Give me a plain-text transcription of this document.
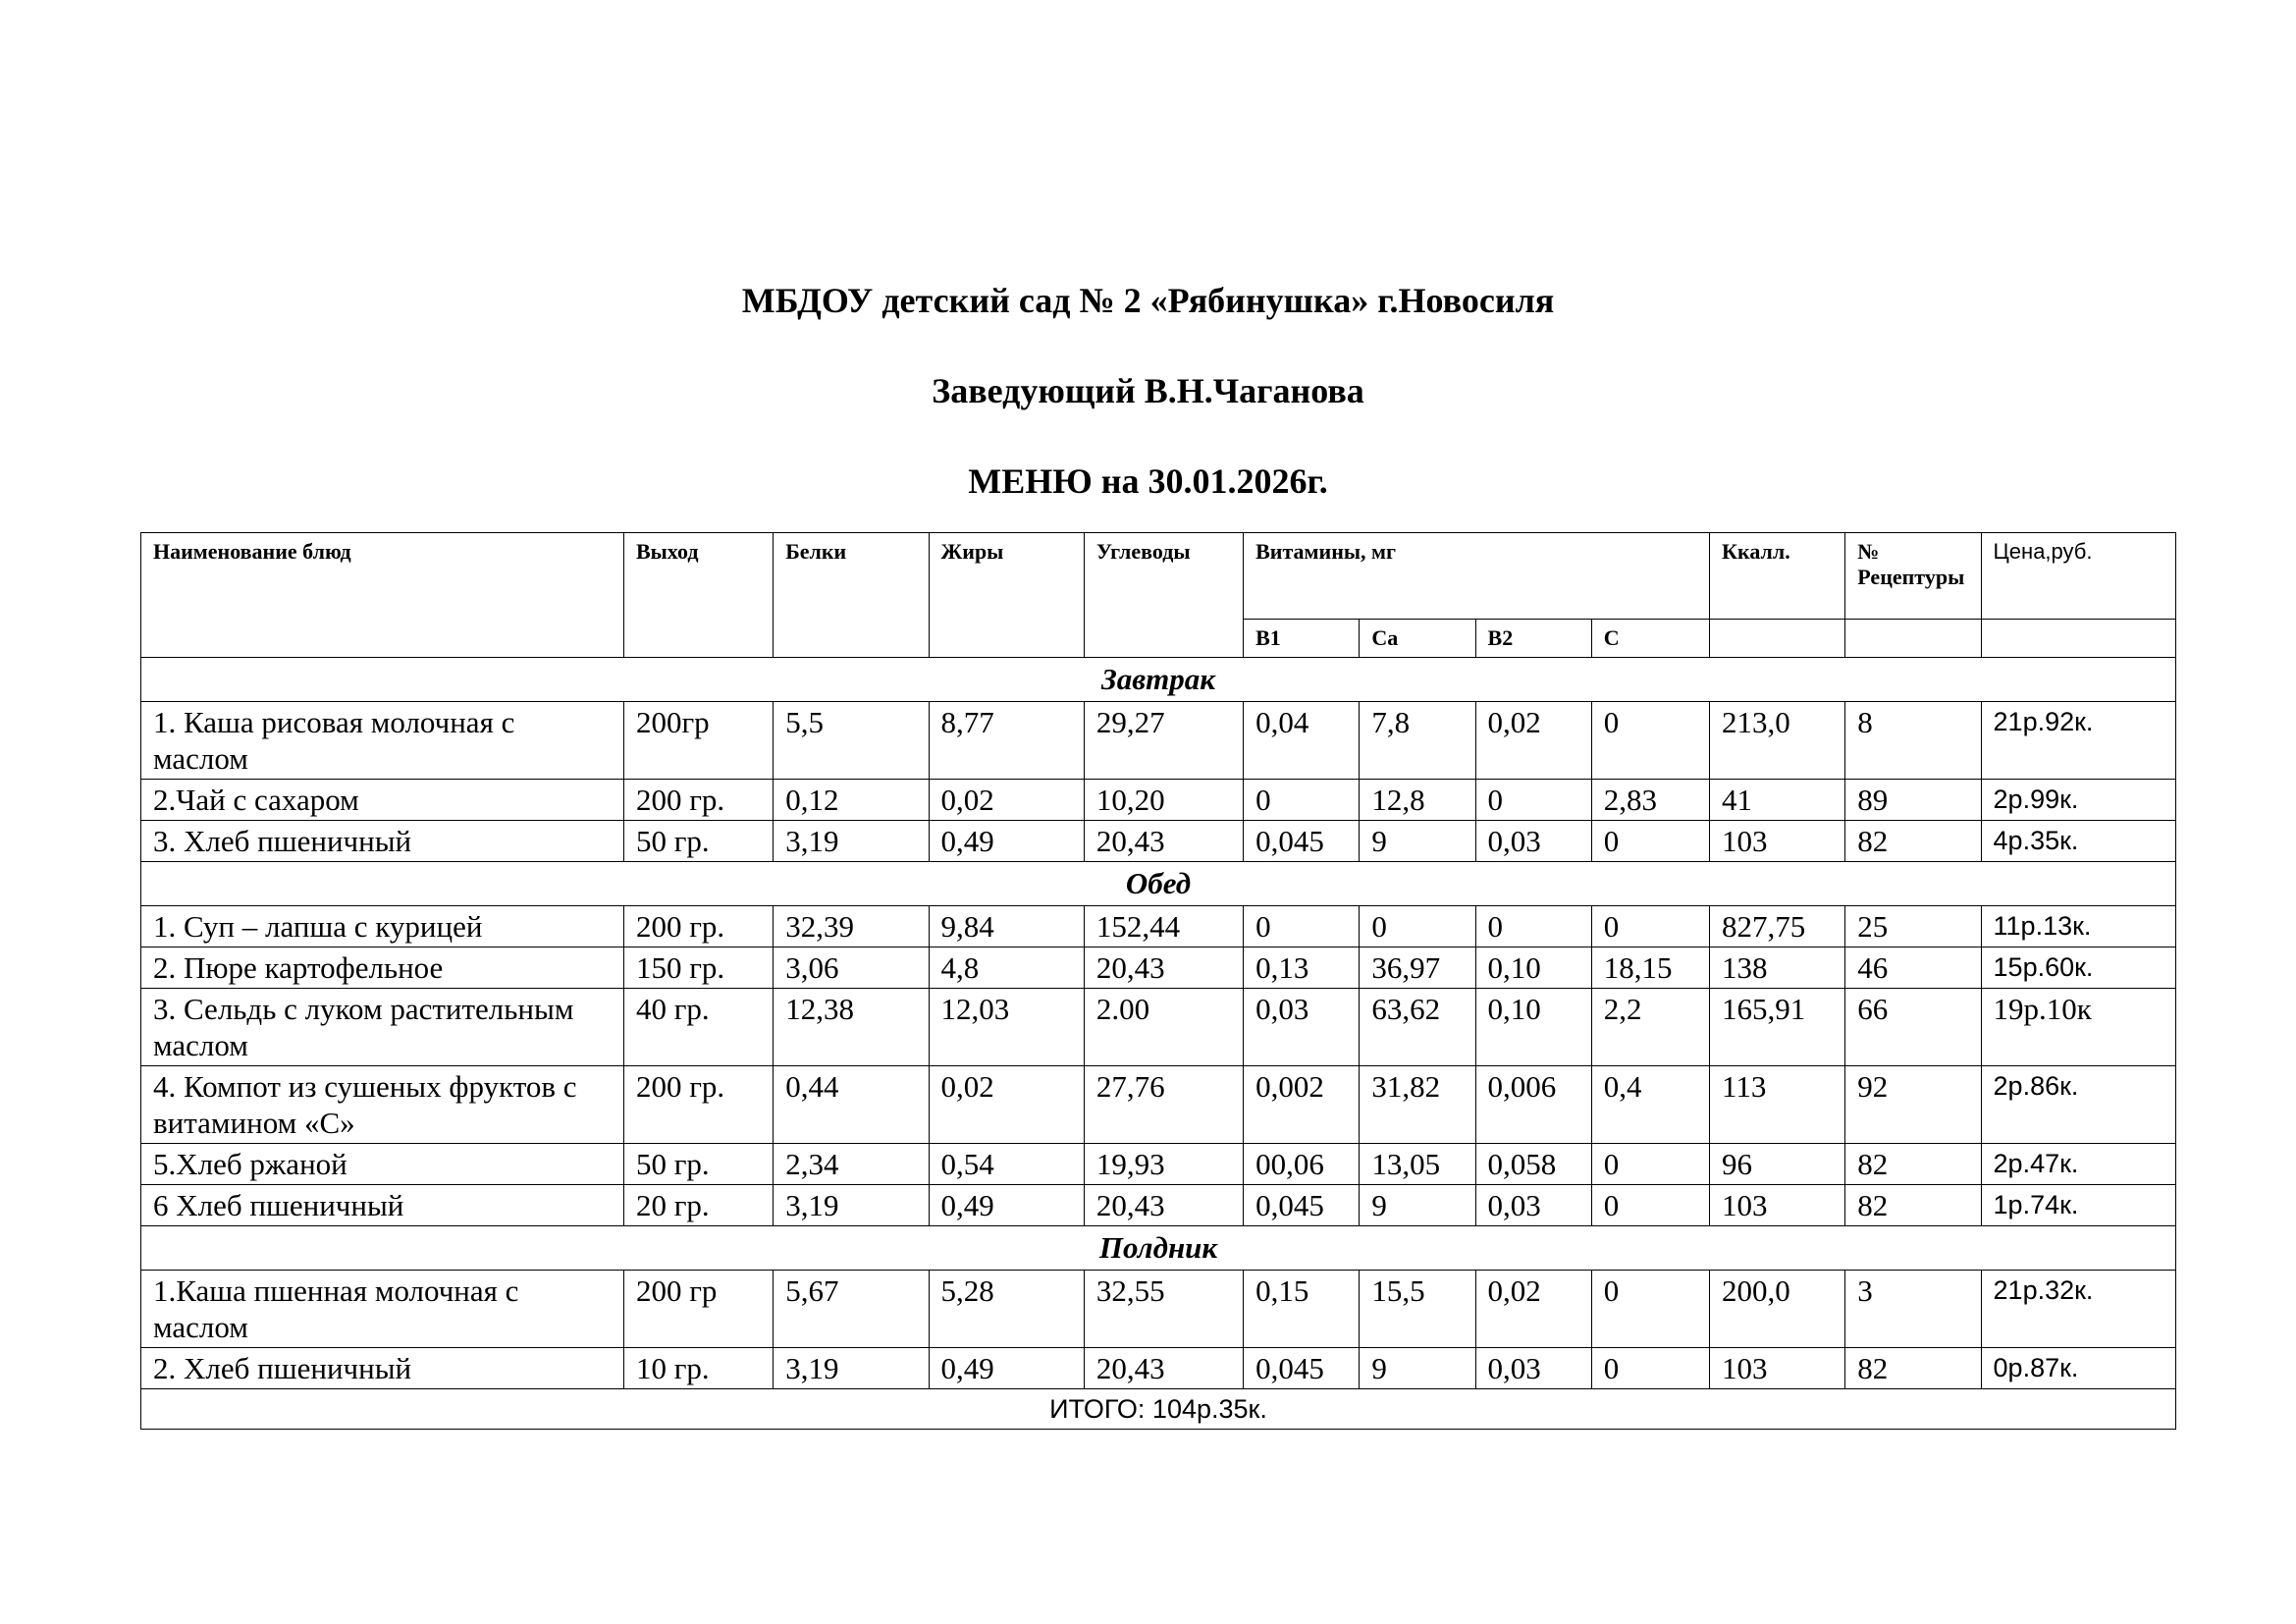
МБДОУ детский сад № 2 «Рябинушка» г.Новосиля
Заведующий В.Н.Чаганова
МЕНЮ на 30.01.2026г.
Наименование блюд	Выход	Белки	Жиры	Углеводы	Витамины, мг				Ккалл.	№ Рецептуры	Цена,руб.
					В1	Са	В2	С			
Завтрак											
1. Каша рисовая молочная с маслом	200гр	5,5	8,77	29,27	0,04	7,8	0,02	0	213,0	8	21р.92к.
2.Чай с сахаром	200 гр.	0,12	0,02	10,20	0	12,8	0	2,83	41	89	2р.99к.
3. Хлеб пшеничный	50 гр.	3,19	0,49	20,43	0,045	9	0,03	0	103	82	4р.35к.
Обед											
1. Суп – лапша с курицей	200 гр.	32,39	9,84	152,44	0	0	0	0	827,75	25	11р.13к.
2. Пюре картофельное	150 гр.	3,06	4,8	20,43	0,13	36,97	0,10	18,15	138	46	15р.60к.
3. Сельдь с луком растительным маслом	40 гр.	12,38	12,03	2.00	0,03	63,62	0,10	2,2	165,91	66	19р.10к
4. Компот из сушеных фруктов с витамином «С»	200 гр.	0,44	0,02	27,76	0,002	31,82	0,006	0,4	113	92	2р.86к.
5.Хлеб ржаной	50 гр.	2,34	0,54	19,93	00,06	13,05	0,058	0	96	82	2р.47к.
6 Хлеб пшеничный	20 гр.	3,19	0,49	20,43	0,045	9	0,03	0	103	82	1р.74к.
Полдник											
1.Каша пшенная молочная с маслом	200 гр	5,67	5,28	32,55	0,15	15,5	0,02	0	200,0	3	21р.32к.
2. Хлеб пшеничный	10 гр.	3,19	0,49	20,43	0,045	9	0,03	0	103	82	0р.87к.
ИТОГО: 104р.35к.											
